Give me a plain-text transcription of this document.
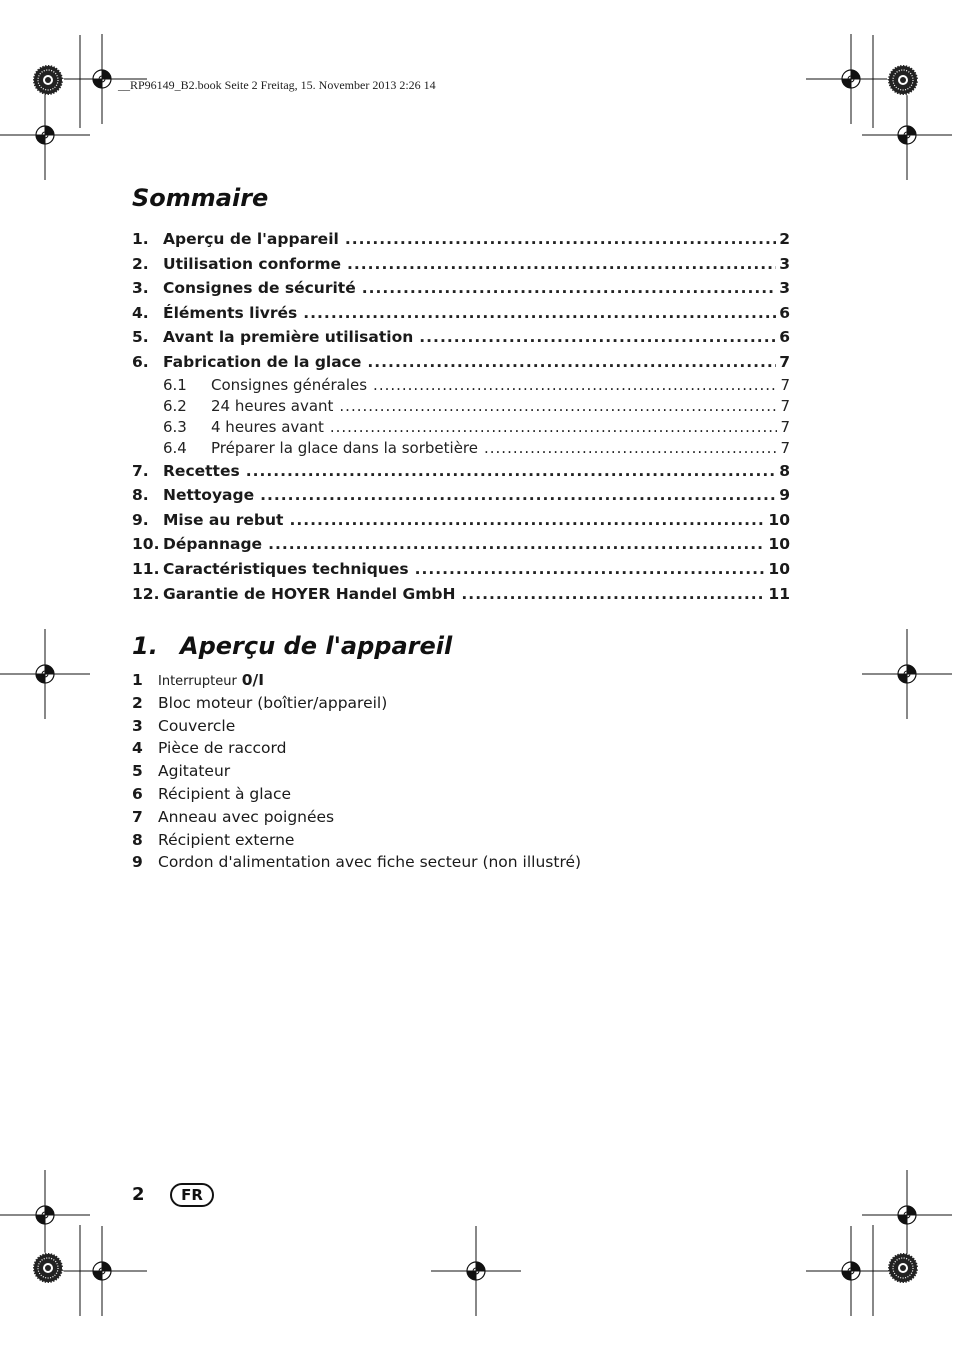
__RP96149_B2.book Seite 2 Freitag, 15. November 2013 2:26 14
Sommaire
1. Aperçu de l'appareil .....	2
2. Utilisation conforme .....	3
3. Consignes de sécurité .....	3
4. Éléments livrés .....	6
5. Avant la première utilisation .....	6
6. Fabrication de la glace .....	7
6.1	Consignes générales .....	7
6.2	24 heures avant .....	7
6.3	4 heures avant .....	7
6.4	Préparer la glace dans la sorbetière .....	7
7. Recettes .....	8
8. Nettoyage .....	9
9. Mise au rebut .....	10
10. Dépannage .....	10
11. Caractéristiques techniques .....	10
12. Garantie de HOYER Handel GmbH .....	11
1. Aperçu de l'appareil
1	Interrupteur 0/I
2 Bloc moteur (boîtier/appareil)
3 Couvercle
4 Pièce de raccord
5 Agitateur
6 Récipient à glace
7 Anneau avec poignées
8 Récipient externe
9 Cordon d'alimentation avec fiche secteur (non illustré)
2	FR
